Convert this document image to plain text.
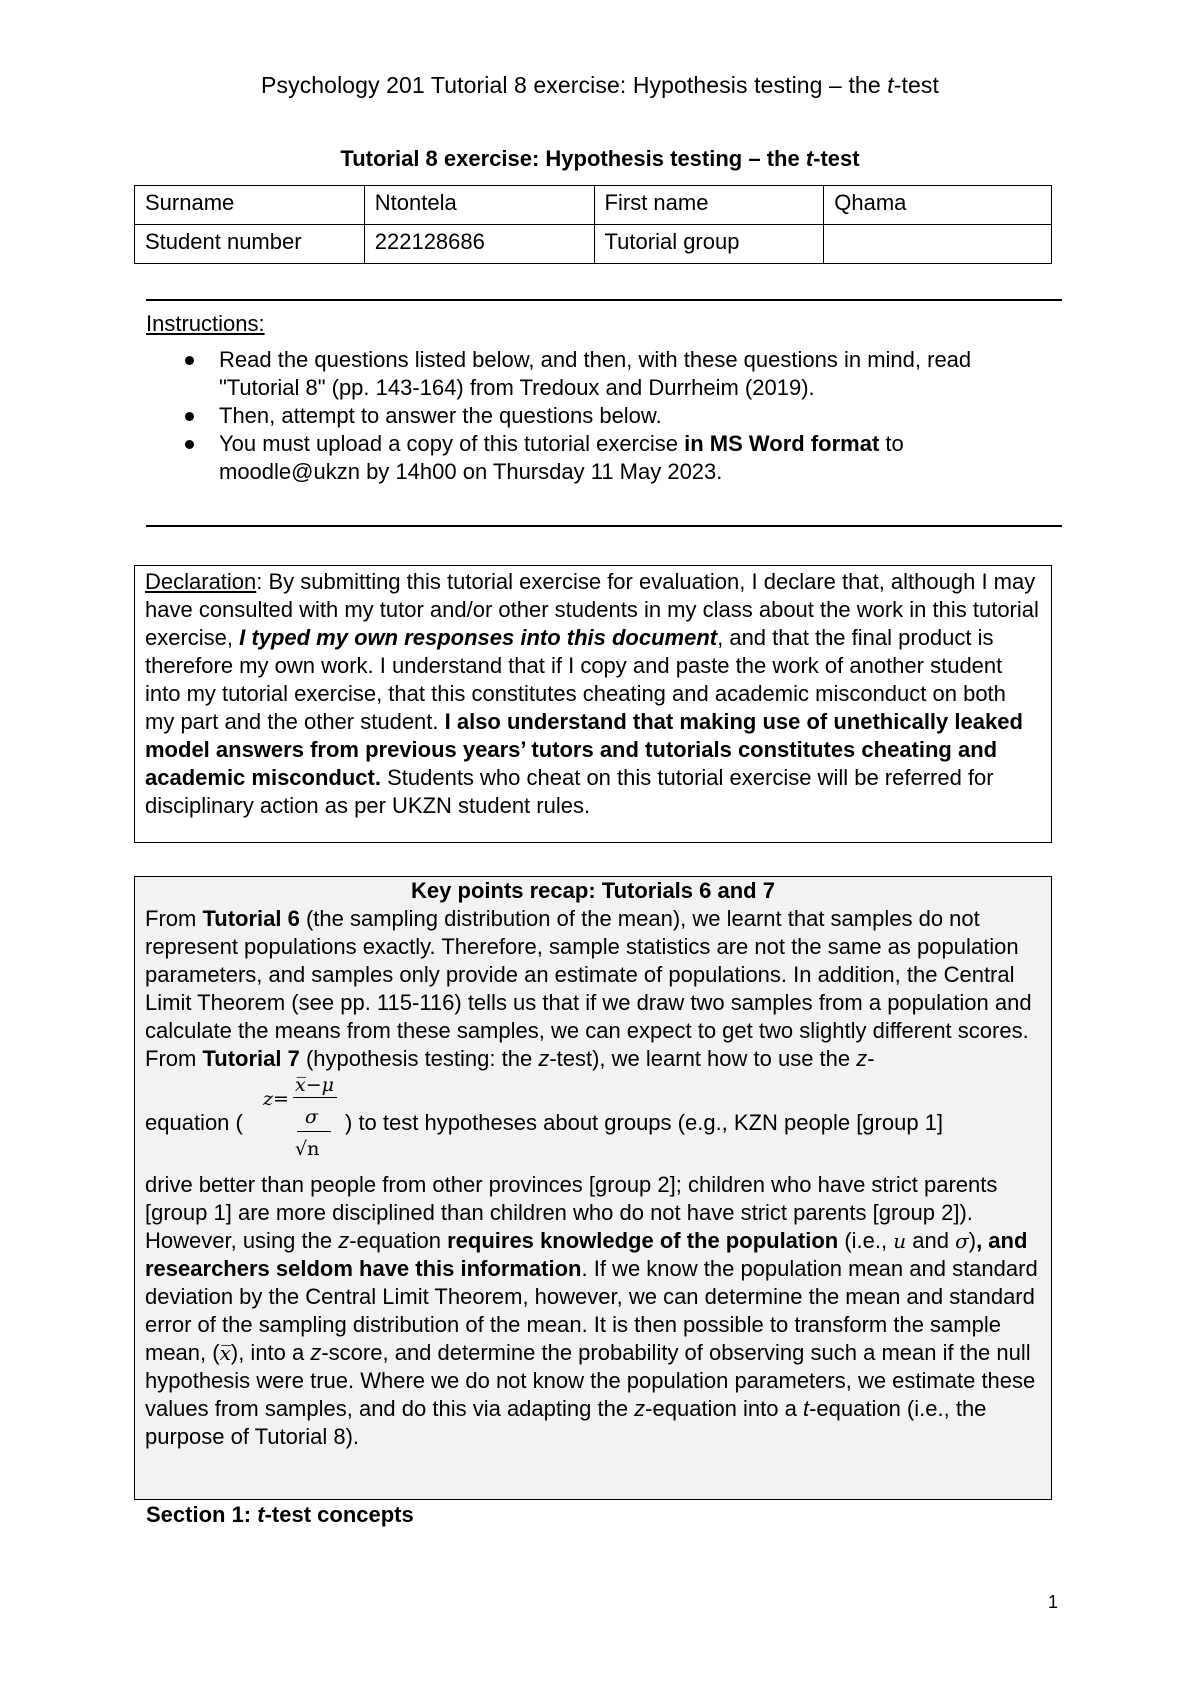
Psychology 201 Tutorial 8 exercise: Hypothesis testing – the t-test
Tutorial 8 exercise: Hypothesis testing – the t-test
Surname	Ntontela	First name	Qhama
Student number	222128686	Tutorial group	
Instructions:
Read the questions listed below, and then, with these questions in mind, read "Tutorial 8" (pp. 143-164) from Tredoux and Durrheim (2019).
Then, attempt to answer the questions below.
You must upload a copy of this tutorial exercise in MS Word format to moodle@ukzn by 14h00 on Thursday 11 May 2023.

Declaration: By submitting this tutorial exercise for evaluation, I declare that, although I may have consulted with my tutor and/or other students in my class about the work in this tutorial exercise, I typed my own responses into this document, and that the final product is therefore my own work. I understand that if I copy and paste the work of another student into my tutorial exercise, that this constitutes cheating and academic misconduct on both my part and the other student. I also understand that making use of unethically leaked model answers from previous years’ tutors and tutorials constitutes cheating and academic misconduct. Students who cheat on this tutorial exercise will be referred for disciplinary action as per UKZN student rules.

Key points recap: Tutorials 6 and 7

From Tutorial 6 (the sampling distribution of the mean), we learnt that samples do not represent populations exactly. Therefore, sample statistics are not the same as population parameters, and samples only provide an estimate of populations. In addition, the Central Limit Theorem (see pp. 115-116) tells us that if we draw two samples from a population and calculate the means from these samples, we can expect to get two slightly different scores.

From Tutorial 7 (hypothesis testing: the z-test), we learnt how to use the z-

equation (
z=
x̅−μ
σ
√n
) to test hypotheses about groups (e.g., KZN people [group 1]

drive better than people from other provinces [group 2]; children who have strict parents [group 1] are more disciplined than children who do not have strict parents [group 2]). However, using the z-equation requires knowledge of the population (i.e., u and σ), and researchers seldom have this information. If we know the population mean and standard deviation by the Central Limit Theorem, however, we can determine the mean and standard error of the sampling distribution of the mean. It is then possible to transform the sample mean, (x̅), into a z-score, and determine the probability of observing such a mean if the null hypothesis were true. Where we do not know the population parameters, we estimate these values from samples, and do this via adapting the z-equation into a t-equation (i.e., the purpose of Tutorial 8).

Section 1: t-test concepts
1
